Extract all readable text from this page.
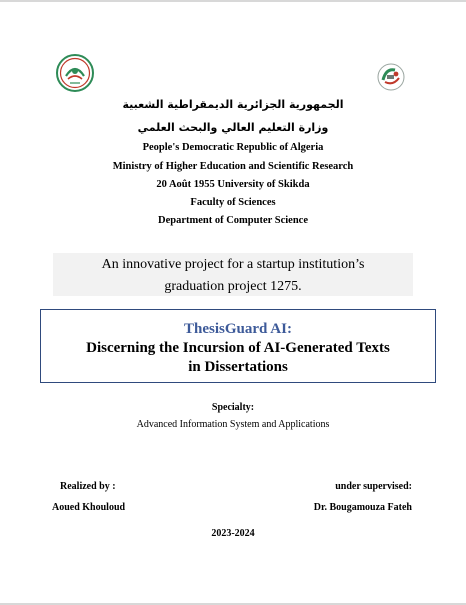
الجمهورية الجزائرية الديمقراطية الشعبية
وزارة التعليم العالي والبحث العلمي
People's Democratic Republic of Algeria
Ministry of Higher Education and Scientific Research
20 Août 1955 University of Skikda
Faculty of Sciences
Department of Computer Science
An innovative project for a startup institution’s
graduation project 1275.
ThesisGuard AI:
Discerning the Incursion of AI-Generated Texts
in Dissertations
Specialty:
Advanced Information System and Applications
Realized by :
Aoued Khouloud
under supervised:
Dr. Bougamouza Fateh
2023-2024
